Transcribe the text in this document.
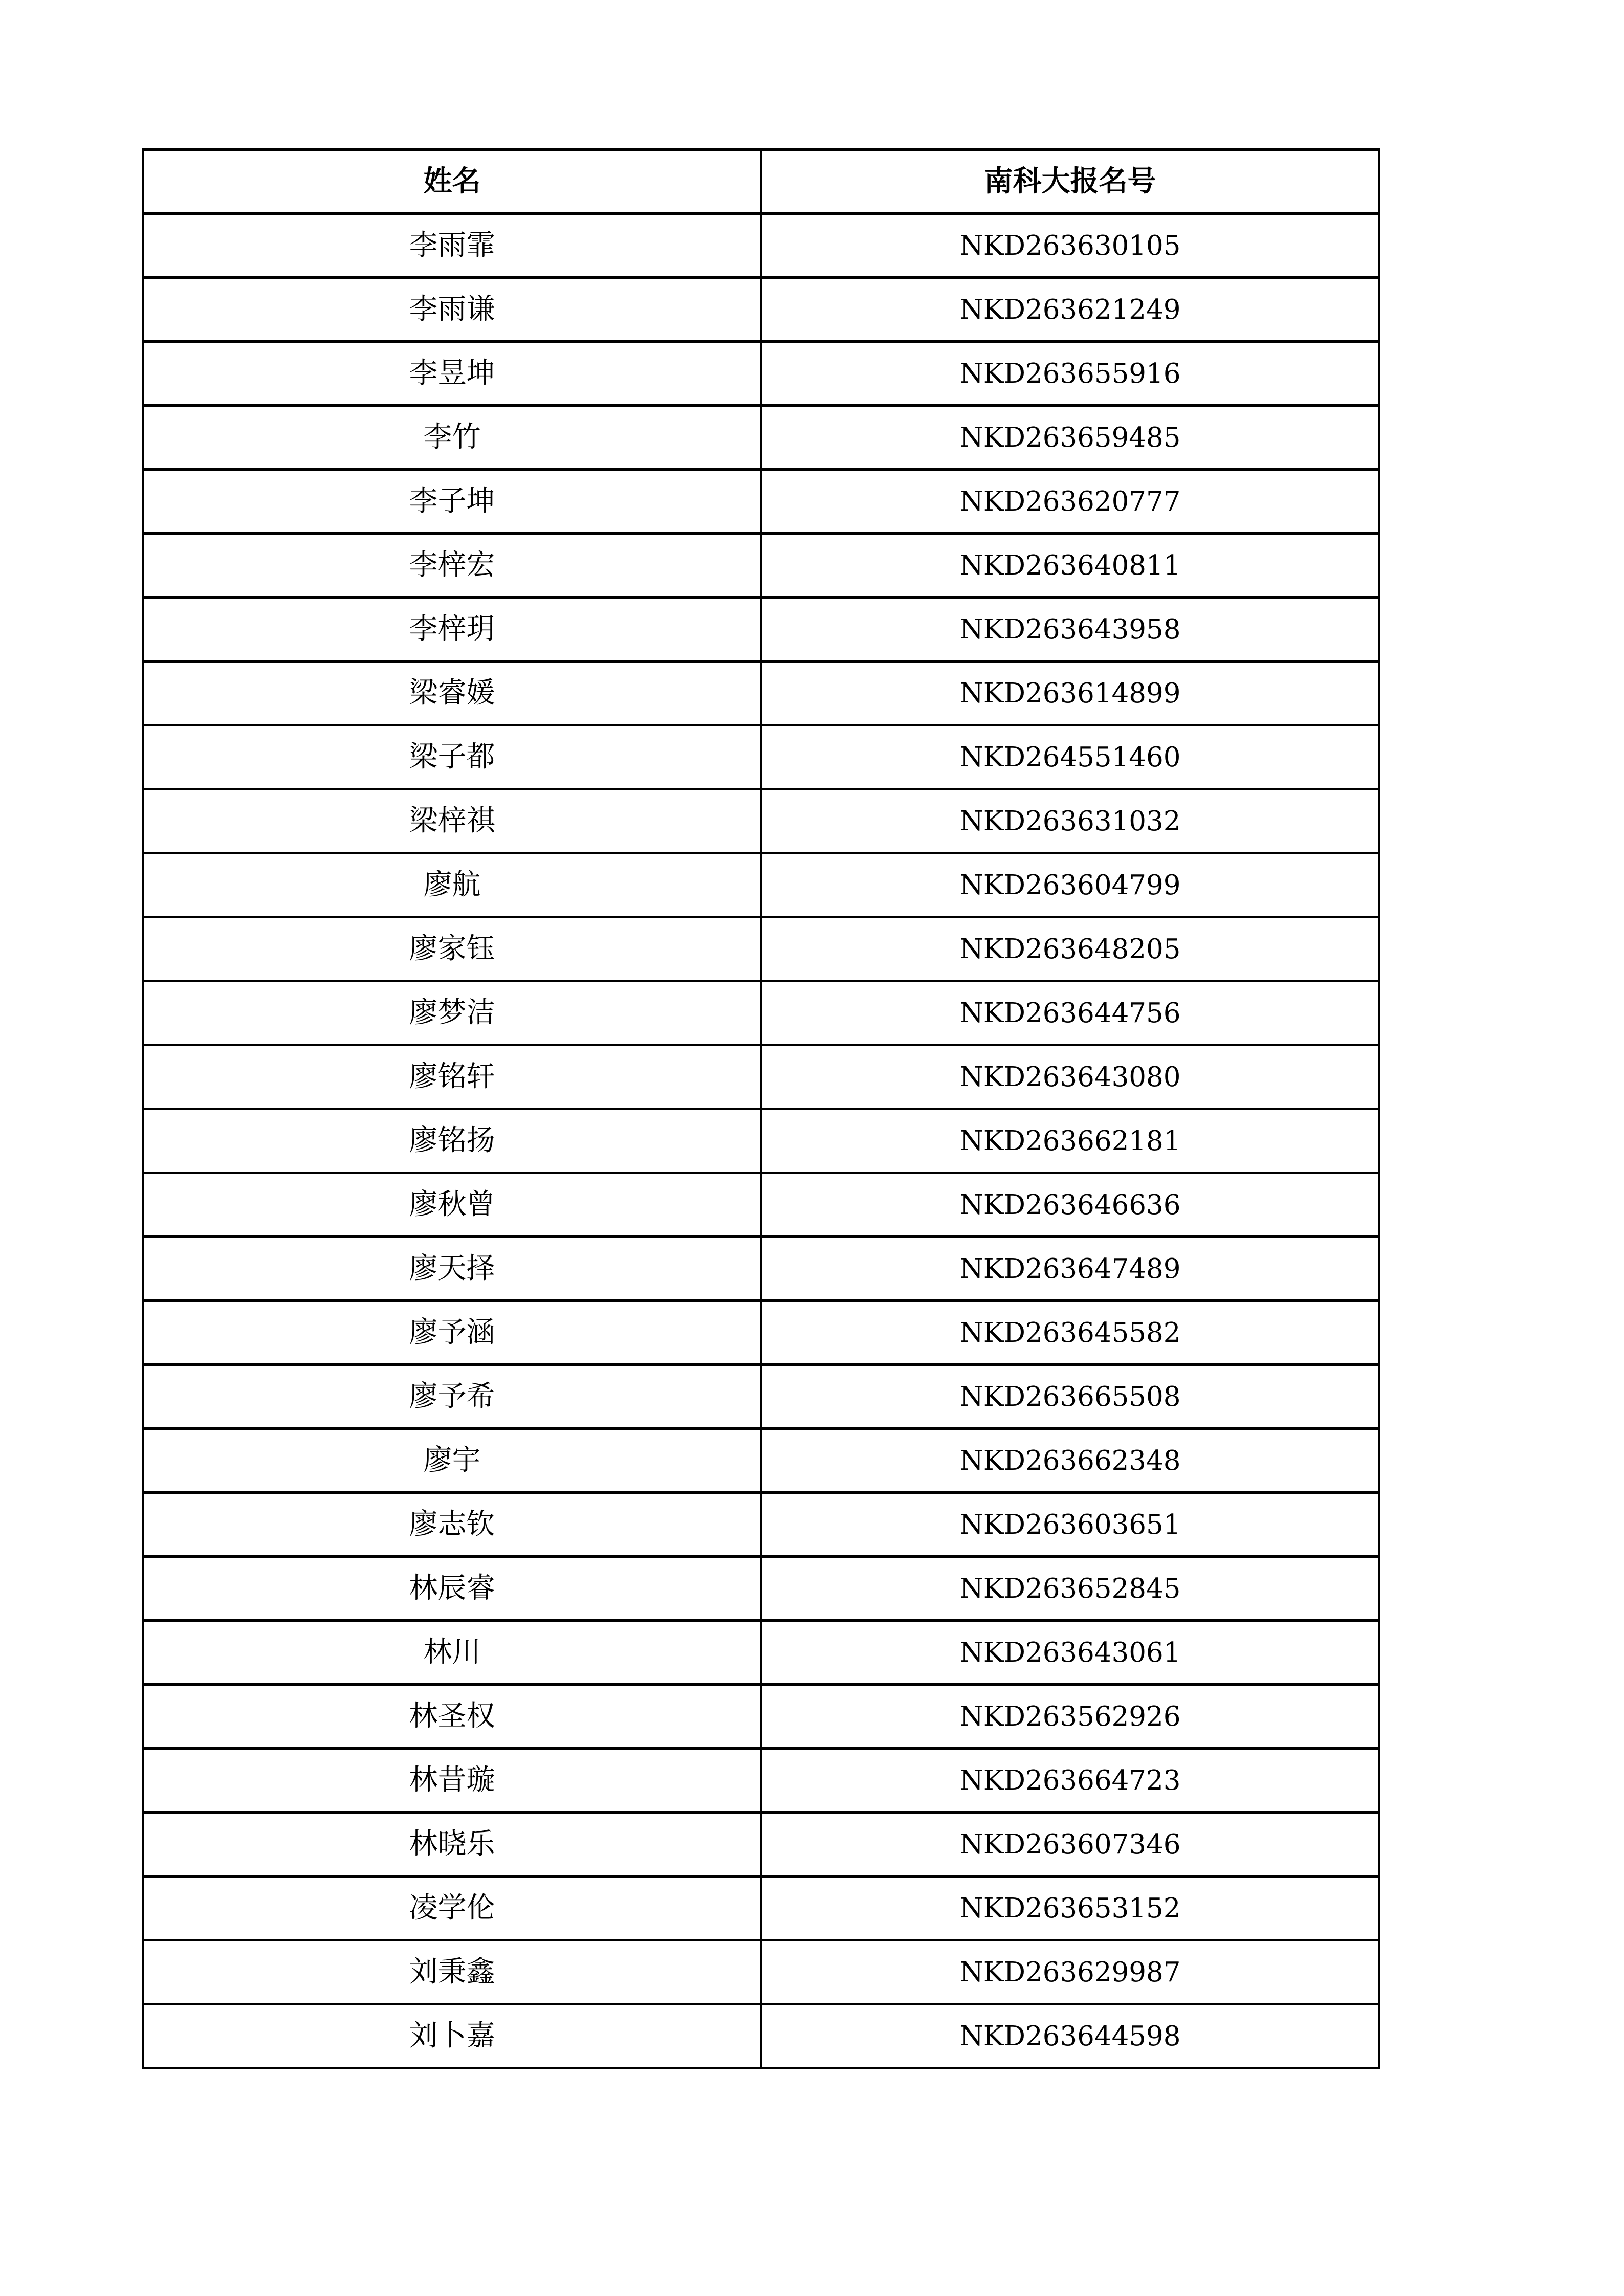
姓名	南科大报名号
李雨霏	NKD263630105
李雨谦	NKD263621249
李昱坤	NKD263655916
李竹	NKD263659485
李子坤	NKD263620777
李梓宏	NKD263640811
李梓玥	NKD263643958
梁睿媛	NKD263614899
梁子都	NKD264551460
梁梓祺	NKD263631032
廖航	NKD263604799
廖家钰	NKD263648205
廖梦洁	NKD263644756
廖铭轩	NKD263643080
廖铭扬	NKD263662181
廖秋曾	NKD263646636
廖天择	NKD263647489
廖予涵	NKD263645582
廖予希	NKD263665508
廖宇	NKD263662348
廖志钦	NKD263603651
林辰睿	NKD263652845
林川	NKD263643061
林圣权	NKD263562926
林昔璇	NKD263664723
林晓乐	NKD263607346
凌学伦	NKD263653152
刘秉鑫	NKD263629987
刘卜嘉	NKD263644598
